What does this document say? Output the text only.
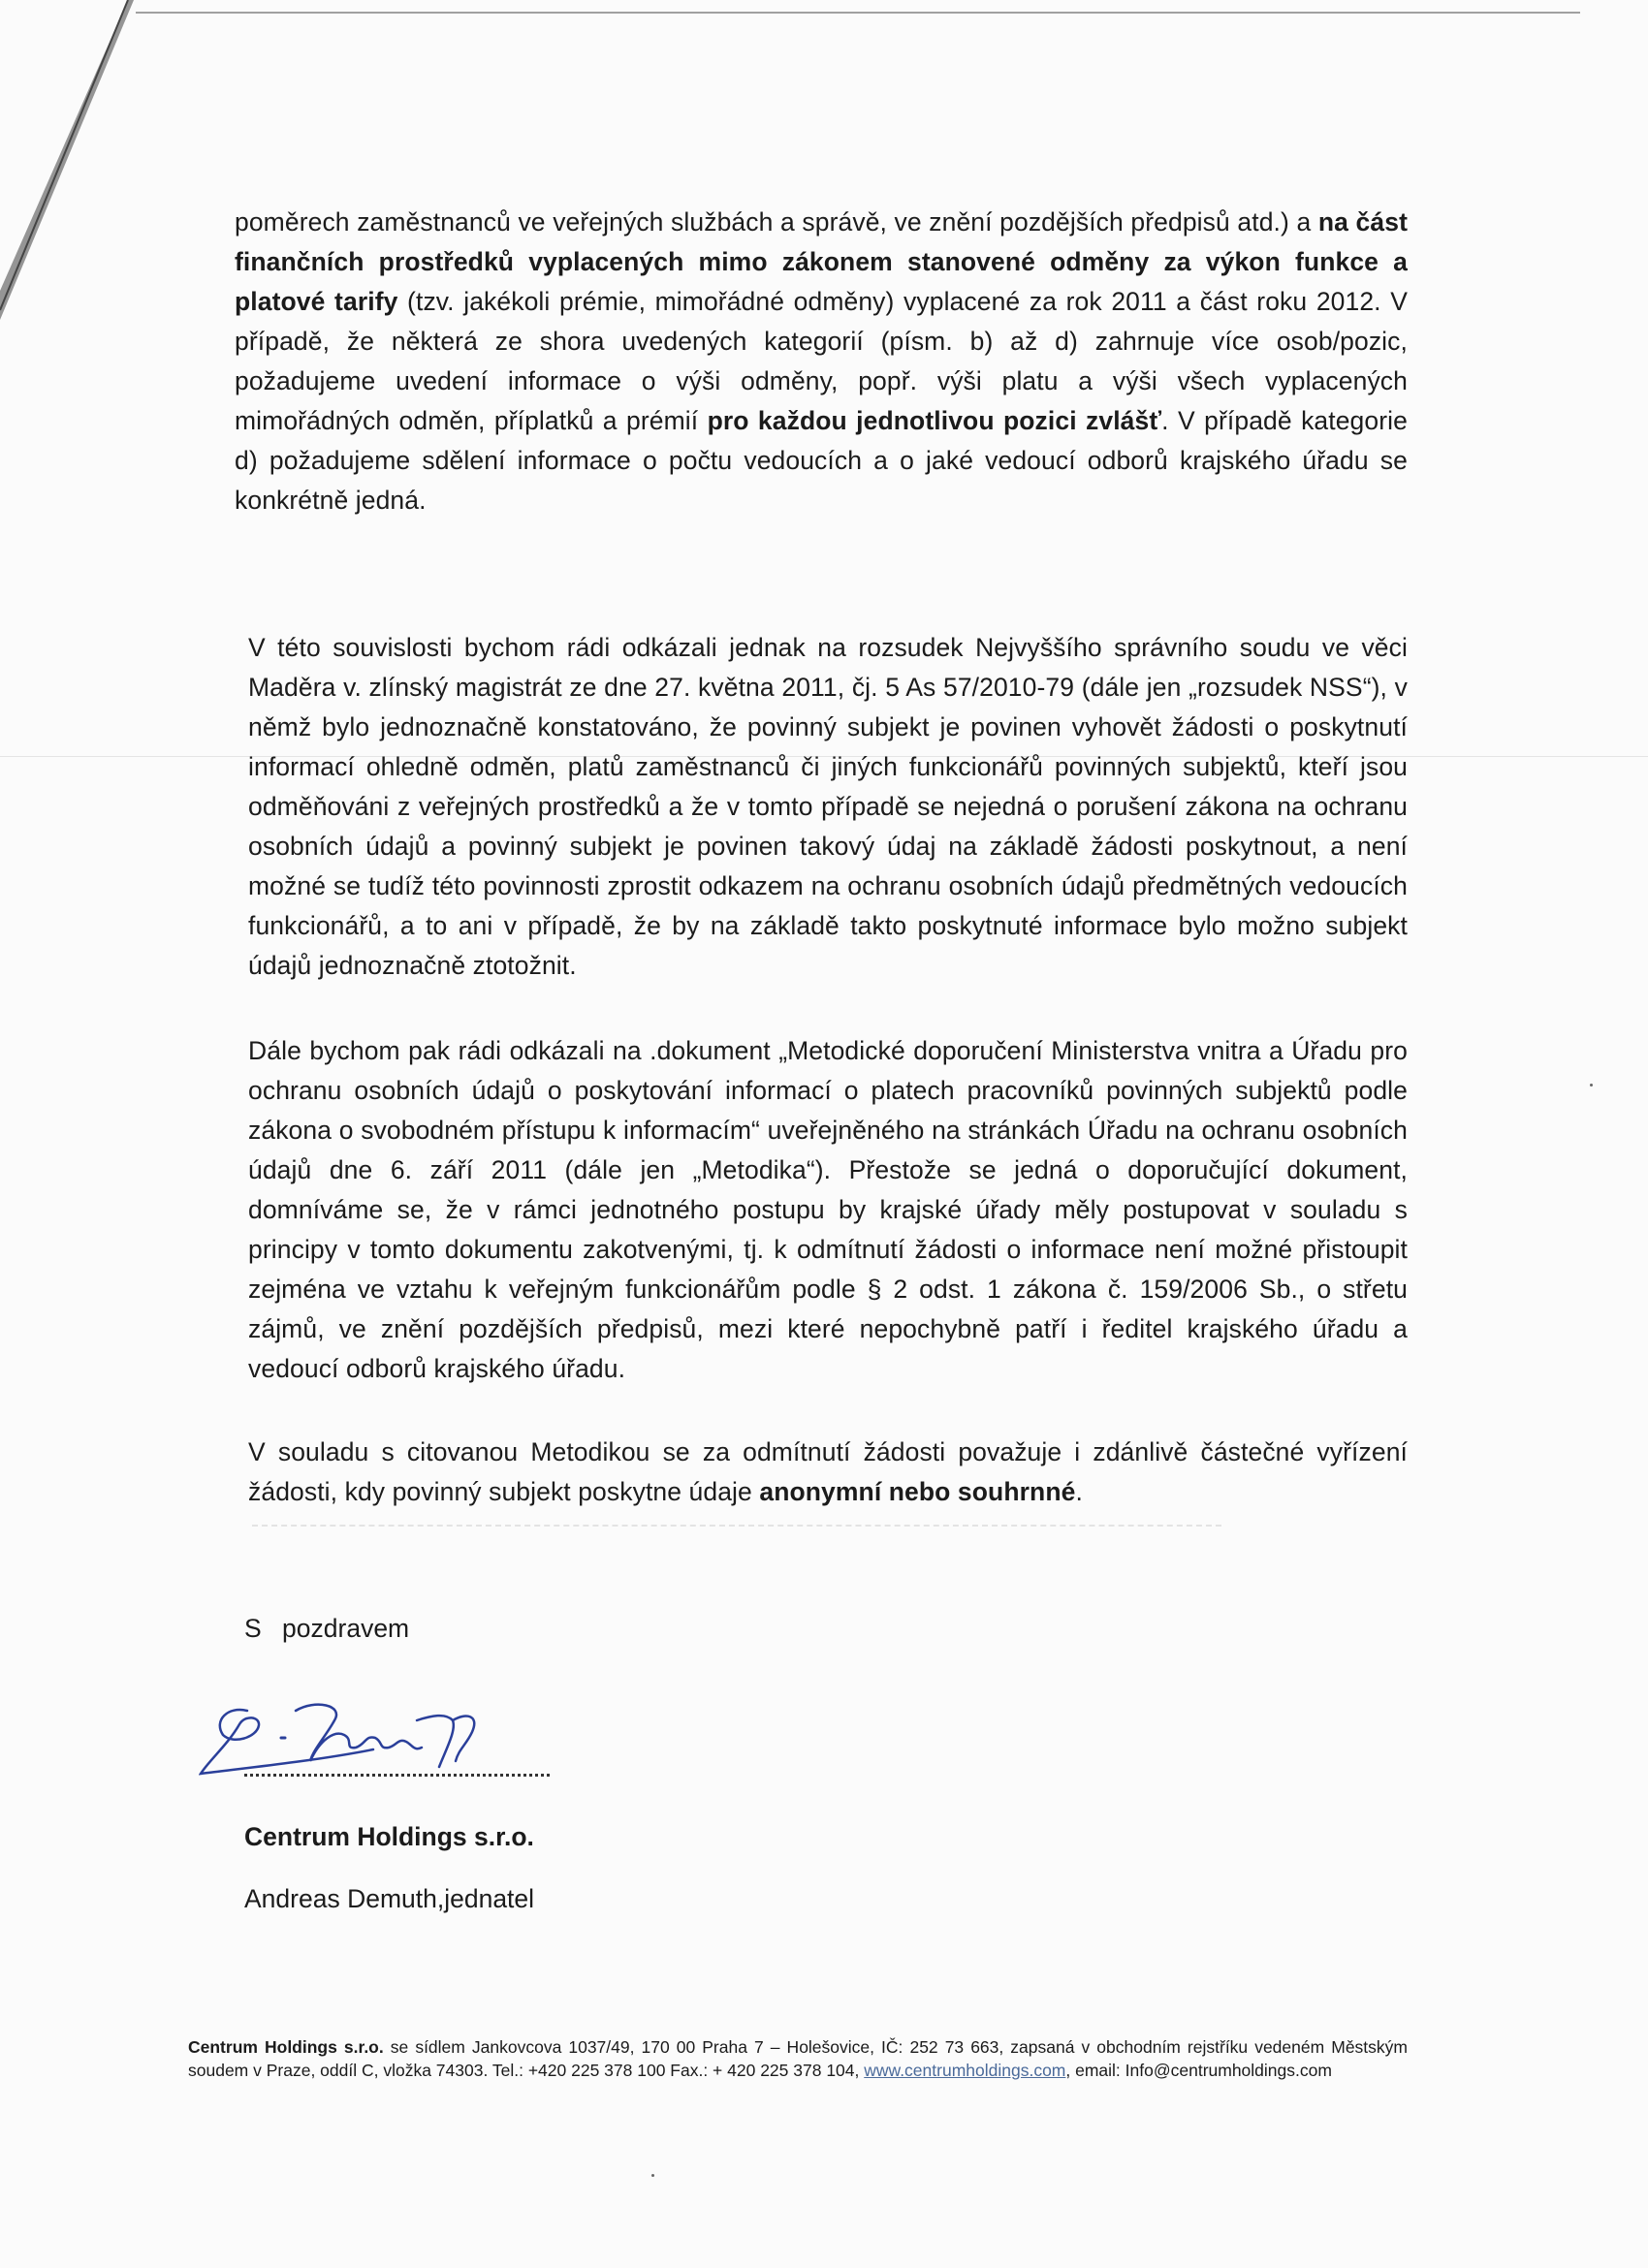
poměrech zaměstnanců ve veřejných službách a správě, ve znění pozdějších předpisů atd.) a na část finančních prostředků vyplacených mimo zákonem stanovené odměny za výkon funkce a platové tarify (tzv. jakékoli prémie, mimořádné odměny) vyplacené za rok 2011 a část roku 2012. V případě, že některá ze shora uvedených kategorií (písm. b) až d) zahrnuje více osob/pozic, požadujeme uvedení informace o výši odměny, popř. výši platu a výši všech vyplacených mimořádných odměn, příplatků a prémií pro každou jednotlivou pozici zvlášť. V případě kategorie d) požadujeme sdělení informace o počtu vedoucích a o jaké vedoucí odborů krajského úřadu se konkrétně jedná.

V této souvislosti bychom rádi odkázali jednak na rozsudek Nejvyššího správního soudu ve věci Maděra v. zlínský magistrát ze dne 27. května 2011, čj. 5 As 57/2010-79 (dále jen „rozsudek NSS“), v němž bylo jednoznačně konstatováno, že povinný subjekt je povinen vyhovět žádosti o poskytnutí informací ohledně odměn, platů zaměstnanců či jiných funkcionářů povinných subjektů, kteří jsou odměňováni z veřejných prostředků a že v tomto případě se nejedná o porušení zákona na ochranu osobních údajů a povinný subjekt je povinen takový údaj na základě žádosti poskytnout, a není možné se tudíž této povinnosti zprostit odkazem na ochranu osobních údajů předmětných vedoucích funkcionářů, a to ani v případě, že by na základě takto poskytnuté informace bylo možno subjekt údajů jednoznačně ztotožnit.

Dále bychom pak rádi odkázali na .dokument „Metodické doporučení Ministerstva vnitra a Úřadu pro ochranu osobních údajů o poskytování informací o platech pracovníků povinných subjektů podle zákona o svobodném přístupu k informacím“ uveřejněného na stránkách Úřadu na ochranu osobních údajů dne 6. září 2011 (dále jen „Metodika“). Přestože se jedná o doporučující dokument, domníváme se, že v rámci jednotného postupu by krajské úřady měly postupovat v souladu s principy v tomto dokumentu zakotvenými, tj. k odmítnutí žádosti o informace není možné přistoupit zejména ve vztahu k veřejným funkcionářům podle § 2 odst. 1 zákona č. 159/2006 Sb., o střetu zájmů, ve znění pozdějších předpisů, mezi které nepochybně patří i ředitel krajského úřadu a vedoucí odborů krajského úřadu.

V souladu s citovanou Metodikou se za odmítnutí žádosti považuje i zdánlivě částečné vyřízení žádosti, kdy povinný subjekt poskytne údaje anonymní nebo souhrnné.

S pozdravem
Centrum Holdings s.r.o.
Andreas Demuth,jednatel
Centrum Holdings s.r.o. se sídlem Jankovcova 1037/49, 170 00 Praha 7 – Holešovice, IČ: 252 73 663, zapsaná v obchodním rejstříku vedeném Městským soudem v Praze, oddíl C, vložka 74303. Tel.: +420 225 378 100 Fax.: + 420 225 378 104, www.centrumholdings.com, email: Info@centrumholdings.com
